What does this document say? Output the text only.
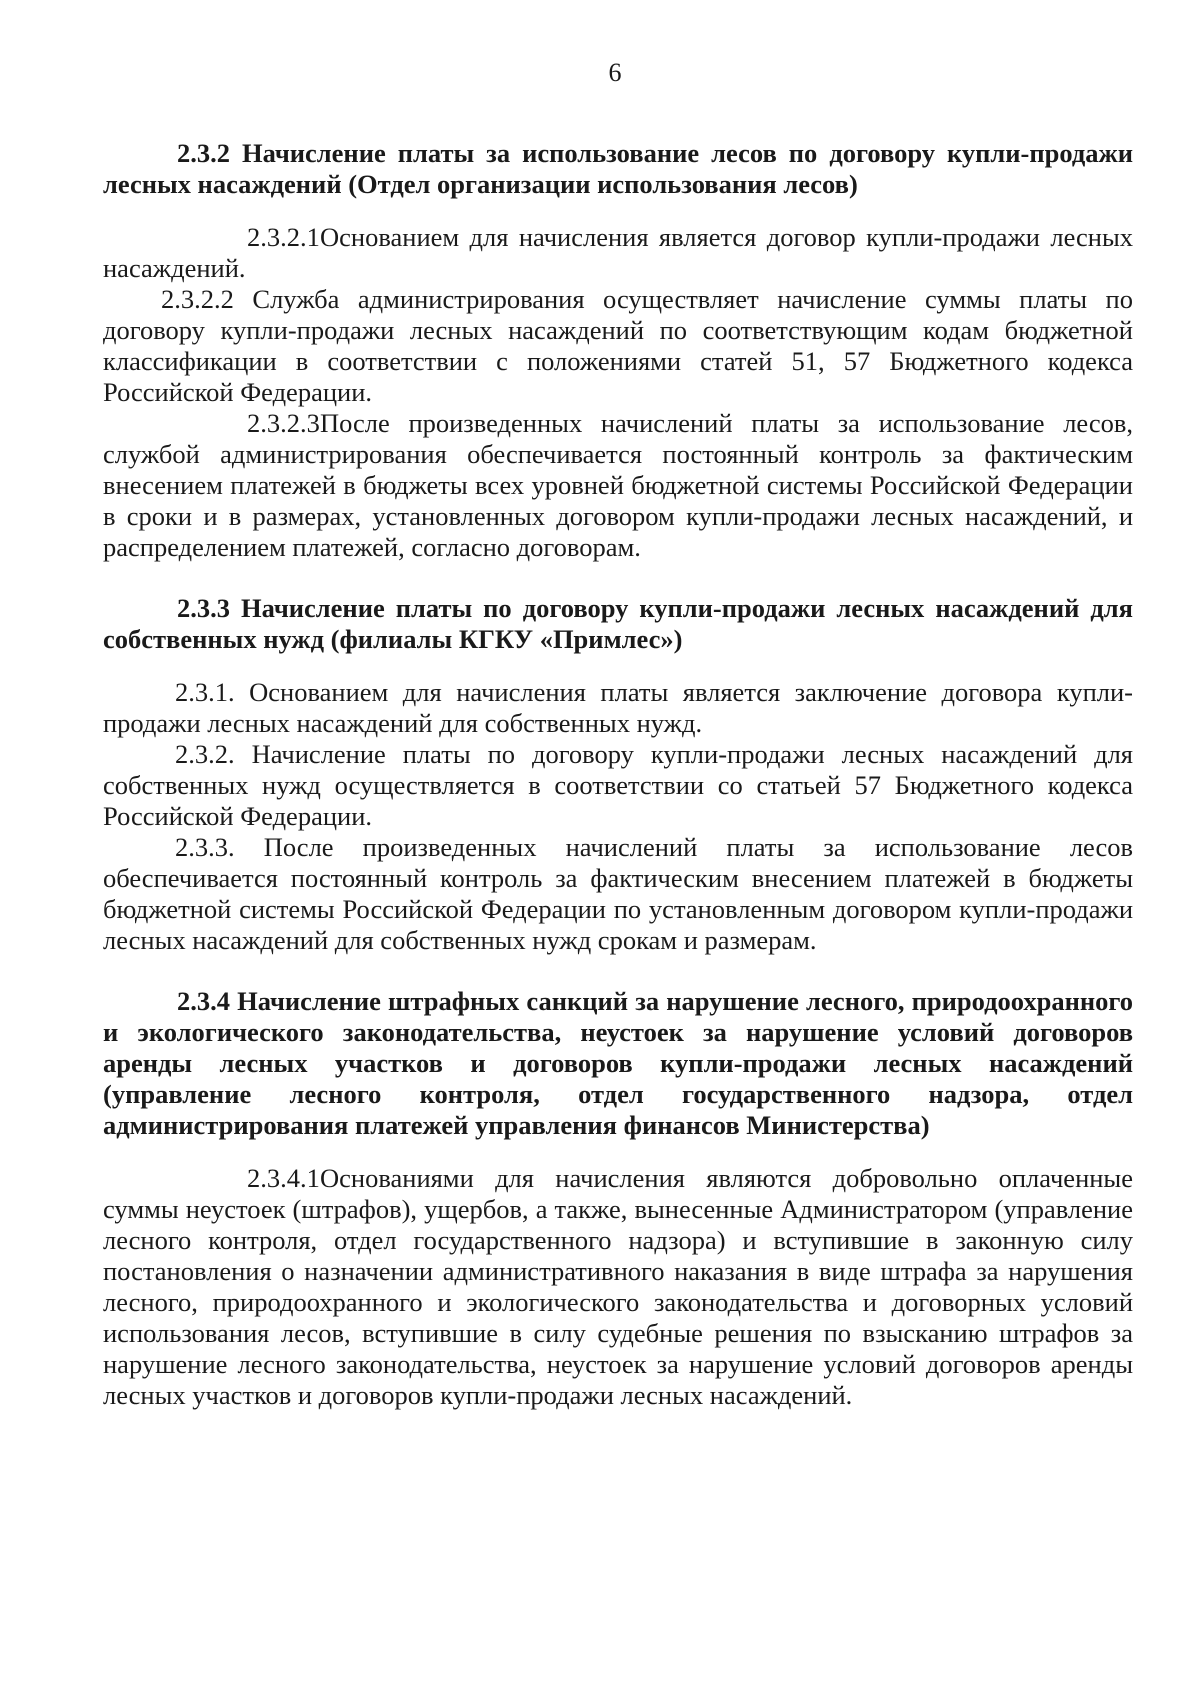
6

2.3.2 Начисление платы за использование лесов по договору купли-продажи лесных насаждений (Отдел организации использования лесов)

2.3.2.1Основанием для начисления является договор купли-продажи лесных насаждений.

2.3.2.2 Служба администрирования осуществляет начисление суммы платы по договору купли-продажи лесных насаждений по соответствующим кодам бюджетной классификации в соответствии с положениями статей 51, 57 Бюджетного кодекса Российской Федерации.

2.3.2.3После произведенных начислений платы за использование лесов, службой администрирования обеспечивается постоянный контроль за фактическим внесением платежей в бюджеты всех уровней бюджетной системы Российской Федерации в сроки и в размерах, установленных договором купли-продажи лесных насаждений, и распределением платежей, согласно договорам.

2.3.3 Начисление платы по договору купли-продажи лесных насаждений для собственных нужд (филиалы КГКУ «Примлес»)

2.3.1. Основанием для начисления платы является заключение договора купли-продажи лесных насаждений для собственных нужд.

2.3.2. Начисление платы по договору купли-продажи лесных насаждений для собственных нужд осуществляется в соответствии со статьей 57 Бюджетного кодекса Российской Федерации.

2.3.3. После произведенных начислений платы за использование лесов обеспечивается постоянный контроль за фактическим внесением платежей в бюджеты бюджетной системы Российской Федерации по установленным договором купли-продажи лесных насаждений для собственных нужд срокам и размерам.

2.3.4 Начисление штрафных санкций за нарушение лесного, природоохранного и экологического законодательства, неустоек за нарушение условий договоров аренды лесных участков и договоров купли-продажи лесных насаждений (управление лесного контроля, отдел государственного надзора, отдел администрирования платежей управления финансов Министерства)

2.3.4.1Основаниями для начисления являются добровольно оплаченные суммы неустоек (штрафов), ущербов, а также, вынесенные Администратором (управление лесного контроля, отдел государственного надзора) и вступившие в законную силу постановления о назначении административного наказания в виде штрафа за нарушения лесного, природоохранного и экологического законодательства и договорных условий использования лесов, вступившие в силу судебные решения по взысканию штрафов за нарушение лесного законодательства, неустоек за нарушение условий договоров аренды лесных участков и договоров купли-продажи лесных насаждений.
